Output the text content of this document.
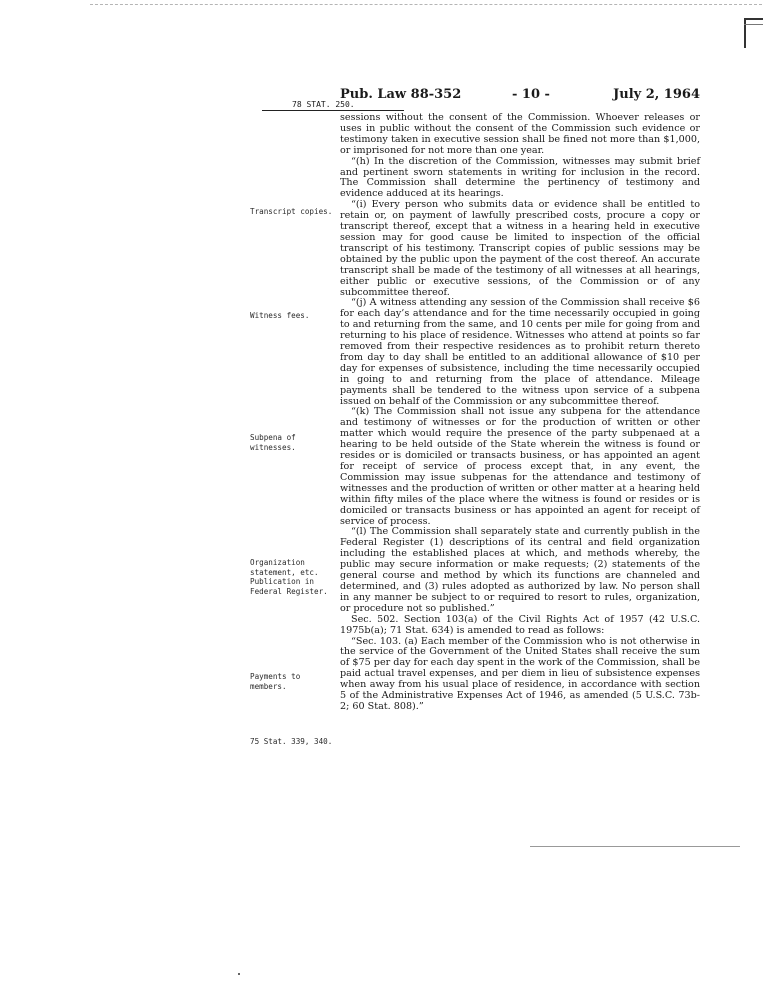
Pub. Law 88-352	- 10 -	July 2, 1964
78 STAT. 250.
Transcript copies.
Witness fees.
Subpena of witnesses.
Organization statement, etc. Publication in Federal Register.
Payments to members.
75 Stat. 339, 340.

sessions without the consent of the Commission. Whoever releases or uses in public without the consent of the Commission such evidence or testimony taken in executive session shall be fined not more than $1,000, or imprisoned for not more than one year.

“(h) In the discretion of the Commission, witnesses may submit brief and pertinent sworn statements in writing for inclusion in the record. The Commission shall determine the pertinency of testimony and evidence adduced at its hearings.

“(i) Every person who submits data or evidence shall be entitled to retain or, on payment of lawfully prescribed costs, procure a copy or transcript thereof, except that a witness in a hearing held in executive session may for good cause be limited to inspection of the official transcript of his testimony. Transcript copies of public sessions may be obtained by the public upon the payment of the cost thereof. An accurate transcript shall be made of the testimony of all witnesses at all hearings, either public or executive sessions, of the Commission or of any subcommittee thereof.

“(j) A witness attending any session of the Commission shall receive $6 for each day’s attendance and for the time necessarily occupied in going to and returning from the same, and 10 cents per mile for going from and returning to his place of residence. Witnesses who attend at points so far removed from their respective residences as to prohibit return thereto from day to day shall be entitled to an additional allowance of $10 per day for expenses of subsistence, including the time necessarily occupied in going to and returning from the place of attendance. Mileage payments shall be tendered to the witness upon service of a subpena issued on behalf of the Commission or any subcommittee thereof.

“(k) The Commission shall not issue any subpena for the attendance and testimony of witnesses or for the production of written or other matter which would require the presence of the party subpenaed at a hearing to be held outside of the State wherein the witness is found or resides or is domiciled or transacts business, or has appointed an agent for receipt of service of process except that, in any event, the Commission may issue subpenas for the attendance and testimony of witnesses and the production of written or other matter at a hearing held within fifty miles of the place where the witness is found or resides or is domiciled or transacts business or has appointed an agent for receipt of service of process.

“(l) The Commission shall separately state and currently publish in the Federal Register (1) descriptions of its central and field organization including the established places at which, and methods whereby, the public may secure information or make requests; (2) statements of the general course and method by which its functions are channeled and determined, and (3) rules adopted as authorized by law. No person shall in any manner be subject to or required to resort to rules, organization, or procedure not so published.”

Sec. 502. Section 103(a) of the Civil Rights Act of 1957 (42 U.S.C. 1975b(a); 71 Stat. 634) is amended to read as follows:

“Sec. 103. (a) Each member of the Commission who is not otherwise in the service of the Government of the United States shall receive the sum of $75 per day for each day spent in the work of the Commission, shall be paid actual travel expenses, and per diem in lieu of subsistence expenses when away from his usual place of residence, in accordance with section 5 of the Administrative Expenses Act of 1946, as amended (5 U.S.C. 73b-2; 60 Stat. 808).”
